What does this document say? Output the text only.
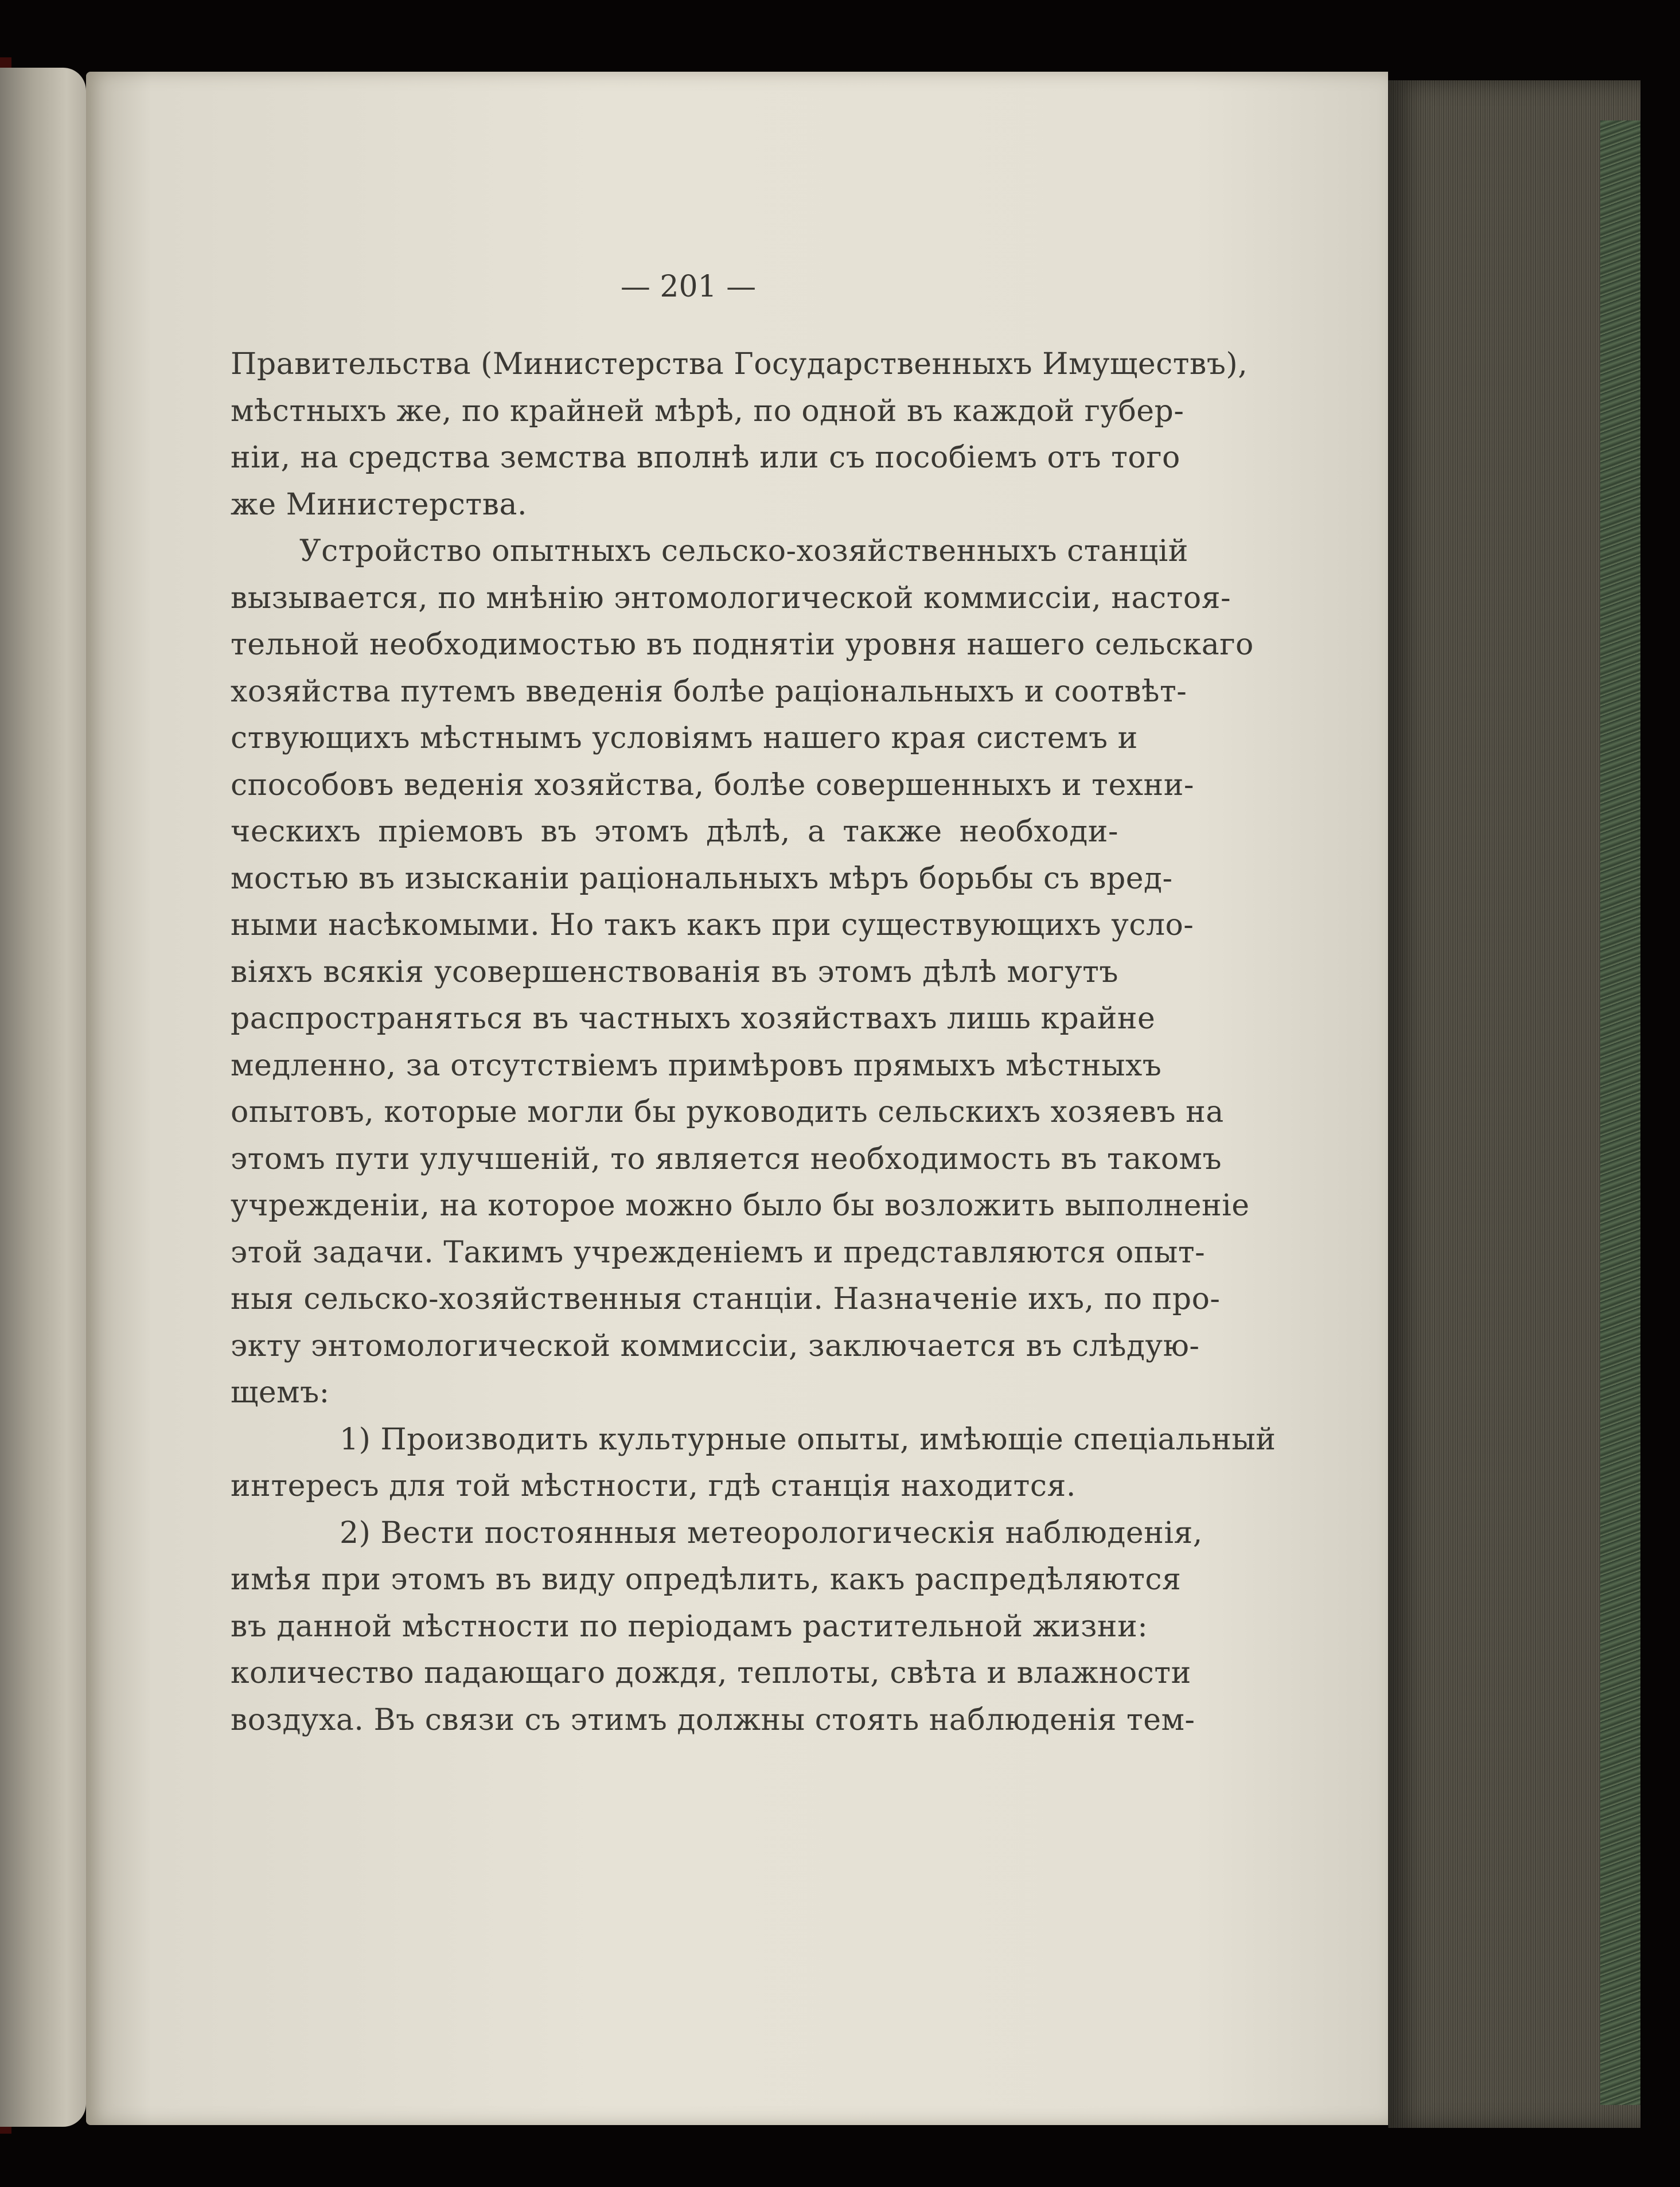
— 201 —
Правительства (Министерства Государственныхъ Имуществъ),
мѣстныхъ же, по крайней мѣрѣ, по одной въ каждой губер-
ніи, на средства земства вполнѣ или съ пособіемъ отъ того
же Министерства.
Устройство опытныхъ сельско-хозяйственныхъ станцій
вызывается, по мнѣнію энтомологической коммиссіи, настоя-
тельной необходимостью въ поднятіи уровня нашего сельскаго
хозяйства путемъ введенія болѣе раціональныхъ и соотвѣт-
ствующихъ мѣстнымъ условіямъ нашего края системъ и
способовъ веденія хозяйства, болѣе совершенныхъ и техни-
ческихъ пріемовъ въ этомъ дѣлѣ, а также необходи-
мостью въ изысканіи раціональныхъ мѣръ борьбы съ вред-
ными насѣкомыми. Но такъ какъ при существующихъ усло-
віяхъ всякія усовершенствованія въ этомъ дѣлѣ могутъ
распространяться въ частныхъ хозяйствахъ лишь крайне
медленно, за отсутствіемъ примѣровъ прямыхъ мѣстныхъ
опытовъ, которые могли бы руководить сельскихъ хозяевъ на
этомъ пути улучшеній, то является необходимость въ такомъ
учрежденіи, на которое можно было бы возложить выполненіе
этой задачи. Такимъ учрежденіемъ и представляются опыт-
ныя сельско-хозяйственныя станціи. Назначеніе ихъ, по про-
экту энтомологической коммиссіи, заключается въ слѣдую-
щемъ:
1) Производить культурные опыты, имѣющіе спеціальный
интересъ для той мѣстности, гдѣ станція находится.
2) Вести постоянныя метеорологическія наблюденія,
имѣя при этомъ въ виду опредѣлить, какъ распредѣляются
въ данной мѣстности по періодамъ растительной жизни:
количество падающаго дождя, теплоты, свѣта и влажности
воздуха. Въ связи съ этимъ должны стоять наблюденія тем-
